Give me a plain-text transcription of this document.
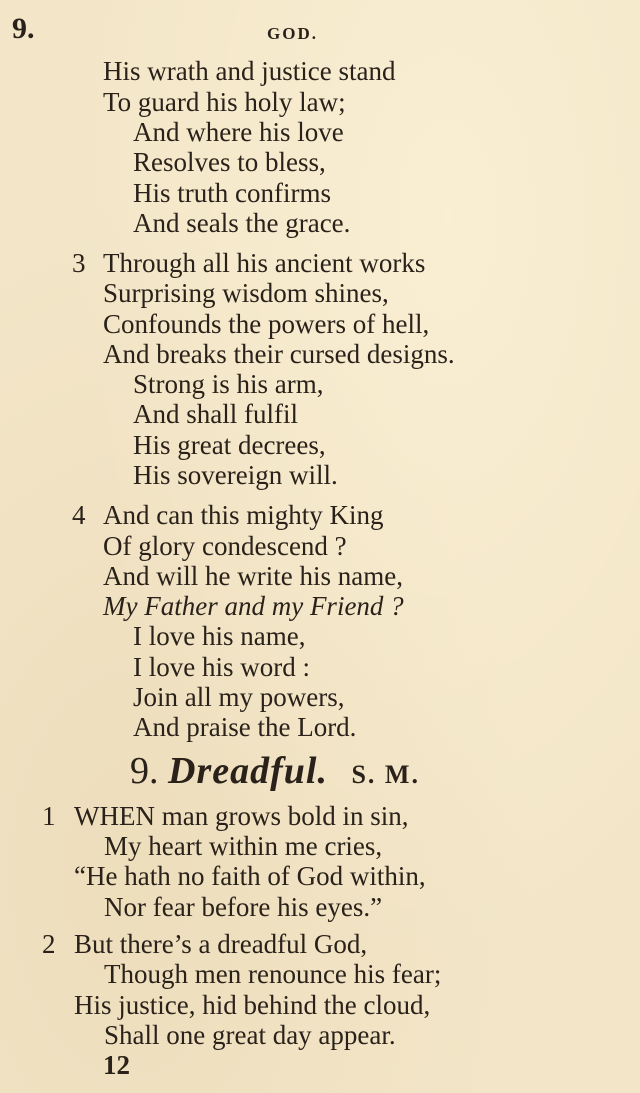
9.	GOD.
His wrath and justice stand
To guard his holy law;
And where his love
Resolves to bless,
His truth confirms
And seals the grace.
3 Through all his ancient works
Surprising wisdom shines,
Confounds the powers of hell,
And breaks their cursed designs.
Strong is his arm,
And shall fulfil
His great decrees,
His sovereign will.
4 And can this mighty King
Of glory condescend ?
And will he write his name,
My Father and my Friend ?
I love his name,
I love his word :
Join all my powers,
And praise the Lord.
9. Dreadful. S. M.
1 WHEN man grows bold in sin,
My heart within me cries,
“He hath no faith of God within,
Nor fear before his eyes.”
2 But there’s a dreadful God,
Though men renounce his fear;
His justice, hid behind the cloud,
Shall one great day appear.
12
